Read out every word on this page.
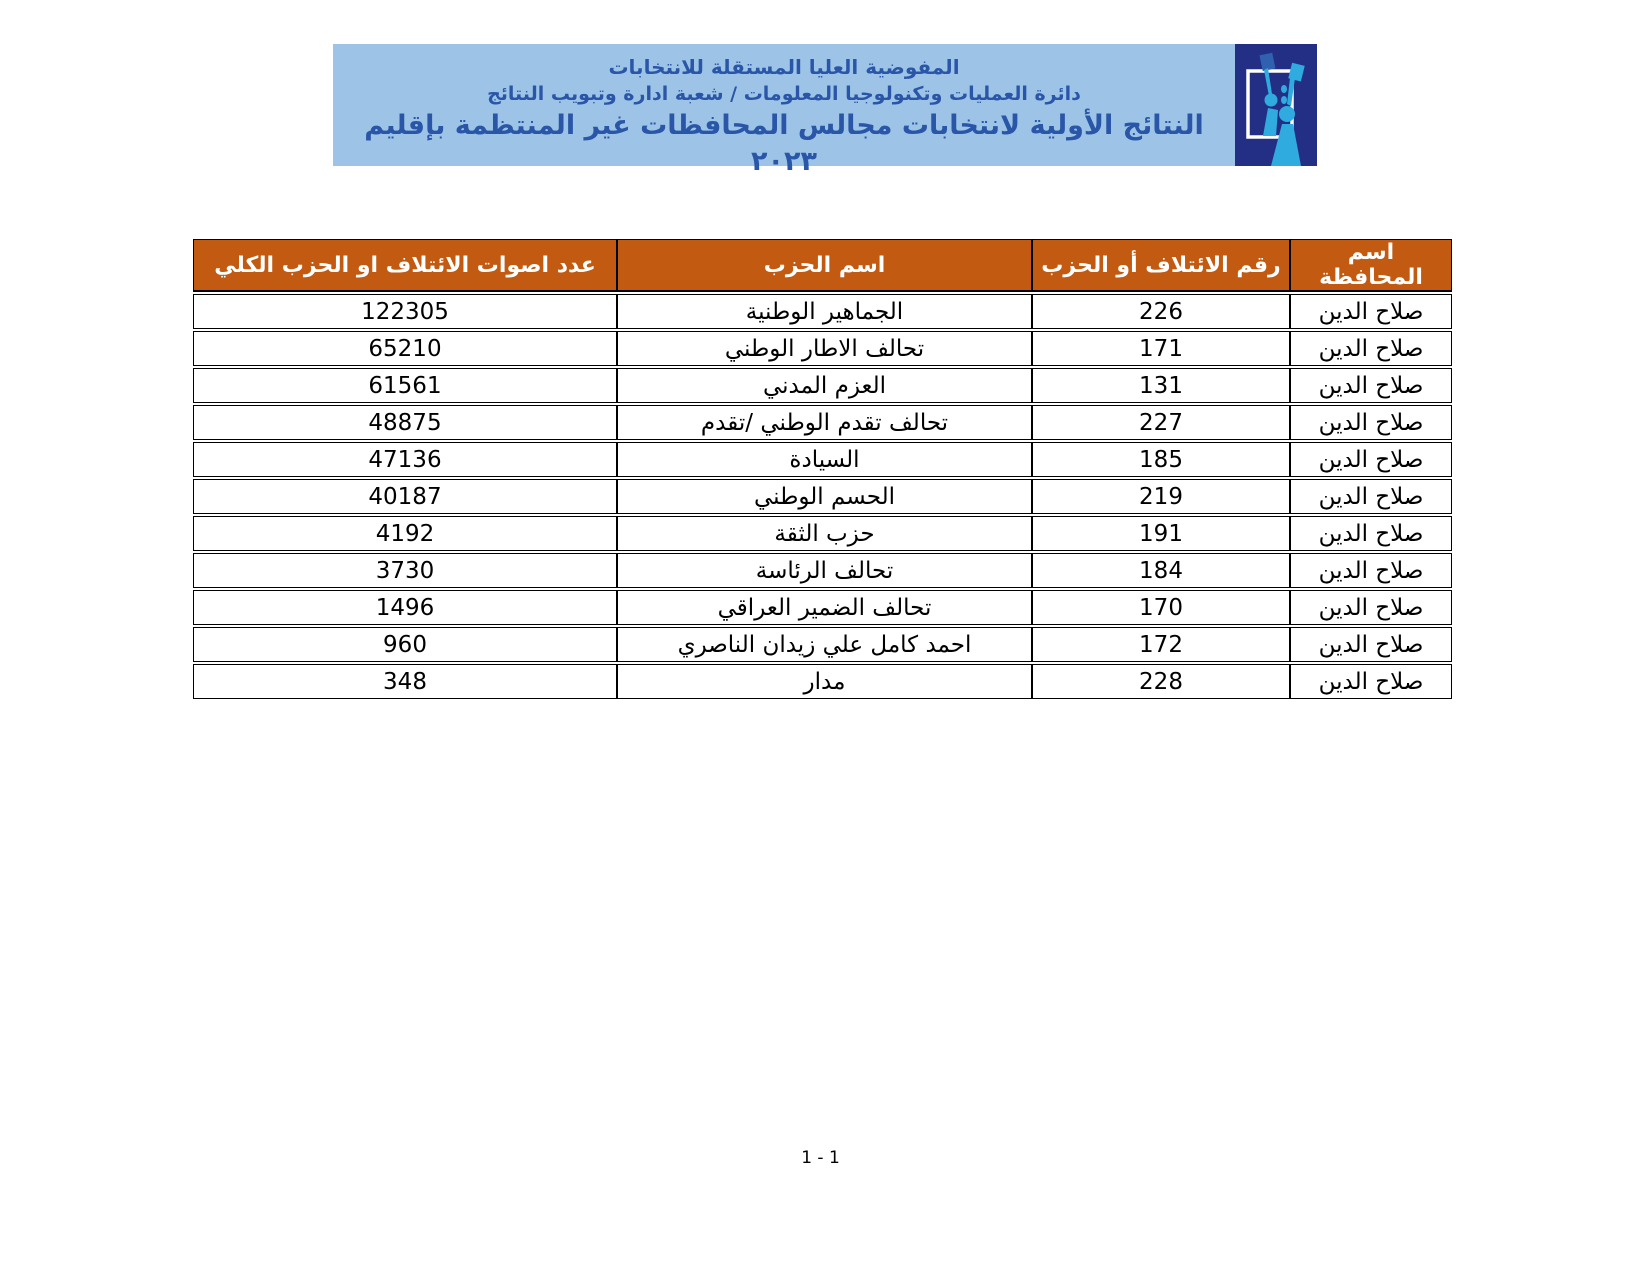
المفوضية العليا المستقلة للانتخابات
دائرة العمليات وتكنولوجيا المعلومات / شعبة ادارة وتبويب النتائج
النتائج الأولية لانتخابات مجالس المحافظات غير المنتظمة بإقليم ٢٠٢٣
اسم المحافظة	رقم الائتلاف أو الحزب	اسم الحزب	عدد اصوات الائتلاف او الحزب الكلي
صلاح الدين	226	الجماهير الوطنية	122305
صلاح الدين	171	تحالف الاطار الوطني	65210
صلاح الدين	131	العزم المدني	61561
صلاح الدين	227	تحالف تقدم الوطني /تقدم	48875
صلاح الدين	185	السيادة	47136
صلاح الدين	219	الحسم الوطني	40187
صلاح الدين	191	حزب الثقة	4192
صلاح الدين	184	تحالف الرئاسة	3730
صلاح الدين	170	تحالف الضمير العراقي	1496
صلاح الدين	172	احمد كامل علي زيدان الناصري	960
صلاح الدين	228	مدار	348
1 - 1
